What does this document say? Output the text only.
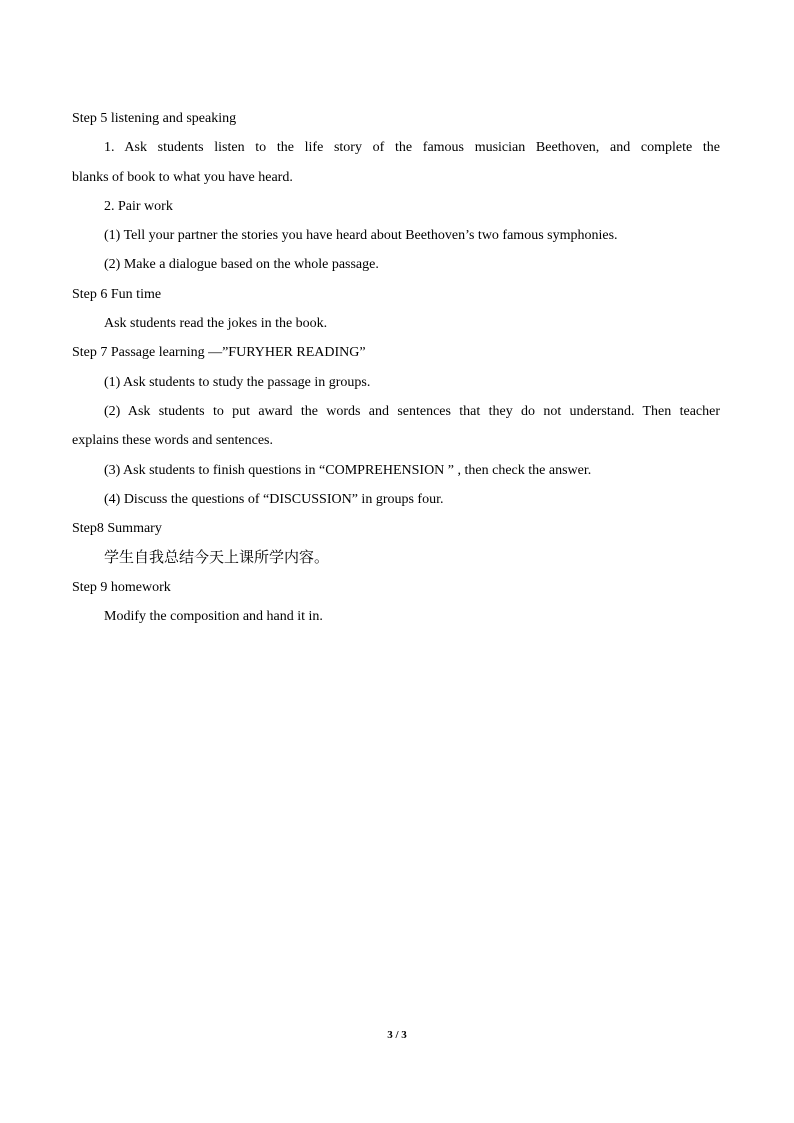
Step 5 listening and speaking

1. Ask students listen to the life story of the famous musician Beethoven, and complete the

blanks of book to what you have heard.

2. Pair work

(1) Tell your partner the stories you have heard about Beethoven’s two famous symphonies.

(2) Make a dialogue based on the whole passage.

Step 6 Fun time

Ask students read the jokes in the book.

Step 7 Passage learning —”FURYHER READING”

(1) Ask students to study the passage in groups.

(2) Ask students to put award the words and sentences that they do not understand. Then teacher

explains these words and sentences.

(3) Ask students to finish questions in “COMPREHENSION ” , then check the answer.

(4) Discuss the questions of “DISCUSSION” in groups four.

Step8 Summary

学生自我总结今天上课所学内容。

Step 9 homework

Modify the composition and hand it in.

3 / 3
